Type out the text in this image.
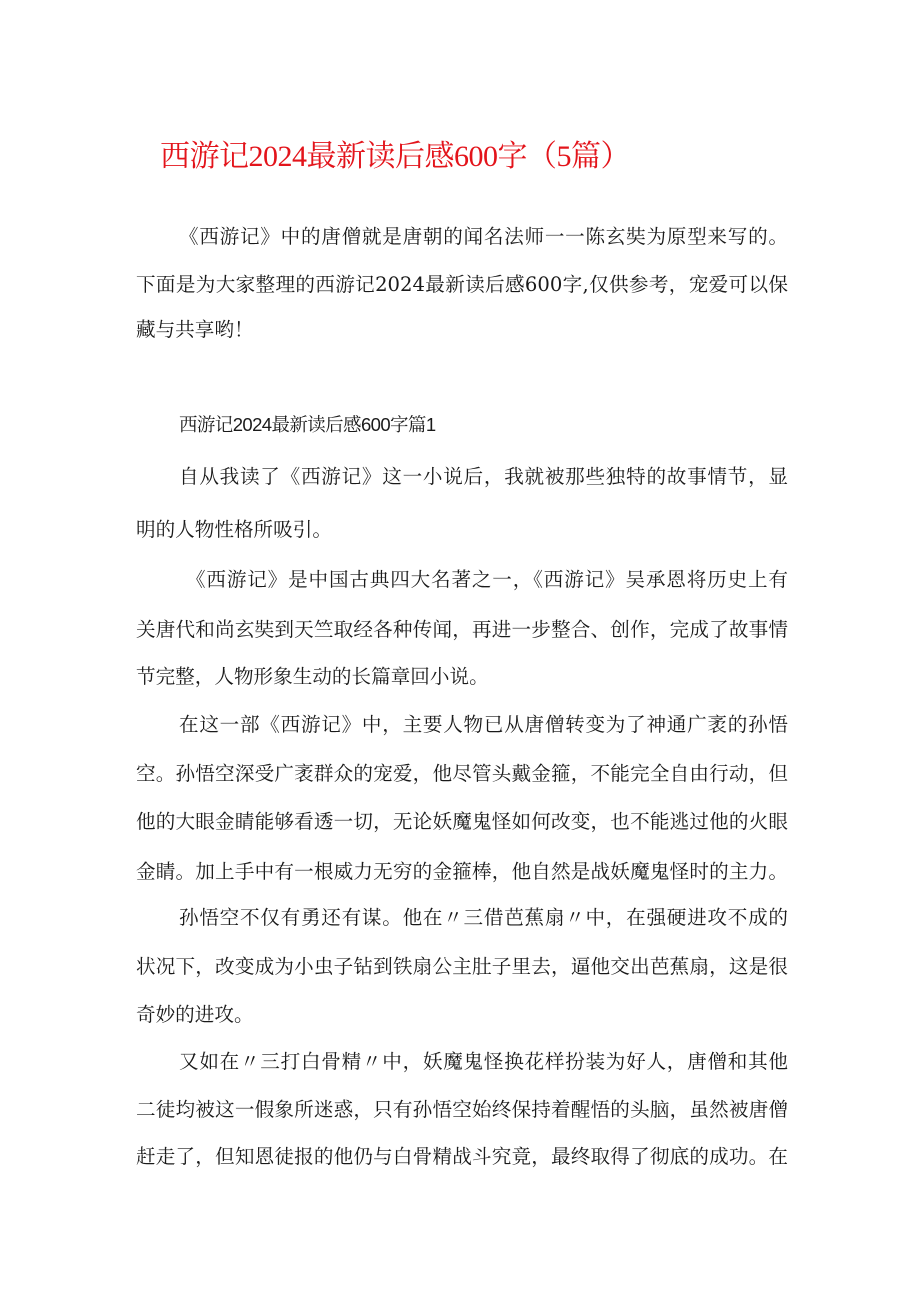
西游记2024最新读后感600字（5篇）
《西游记》中的唐僧就是唐朝的闻名法师一一陈玄奘为原型来写的。
下面是为大家整理的西游记2024最新读后感600字,仅供参考，宠爱可以保
藏与共享哟！
西游记2024最新读后感600字篇1
自从我读了《西游记》这一小说后，我就被那些独特的故事情节，显
明的人物性格所吸引。
《西游记》是中国古典四大名著之一，《西游记》吴承恩将历史上有
关唐代和尚玄奘到天竺取经各种传闻，再进一步整合、创作，完成了故事情
节完整，人物形象生动的长篇章回小说。
在这一部《西游记》中，主要人物已从唐僧转变为了神通广袤的孙悟
空。孙悟空深受广袤群众的宠爱，他尽管头戴金箍，不能完全自由行动，但
他的大眼金睛能够看透一切，无论妖魔鬼怪如何改变，也不能逃过他的火眼
金睛。加上手中有一根威力无穷的金箍棒，他自然是战妖魔鬼怪时的主力。
孙悟空不仅有勇还有谋。他在〃三借芭蕉扇〃中，在强硬进攻不成的
状况下，改变成为小虫子钻到铁扇公主肚子里去，逼他交出芭蕉扇，这是很
奇妙的进攻。
又如在〃三打白骨精〃中，妖魔鬼怪换花样扮装为好人，唐僧和其他
二徒均被这一假象所迷惑，只有孙悟空始终保持着醒悟的头脑，虽然被唐僧
赶走了，但知恩徒报的他仍与白骨精战斗究竟，最终取得了彻底的成功。在
